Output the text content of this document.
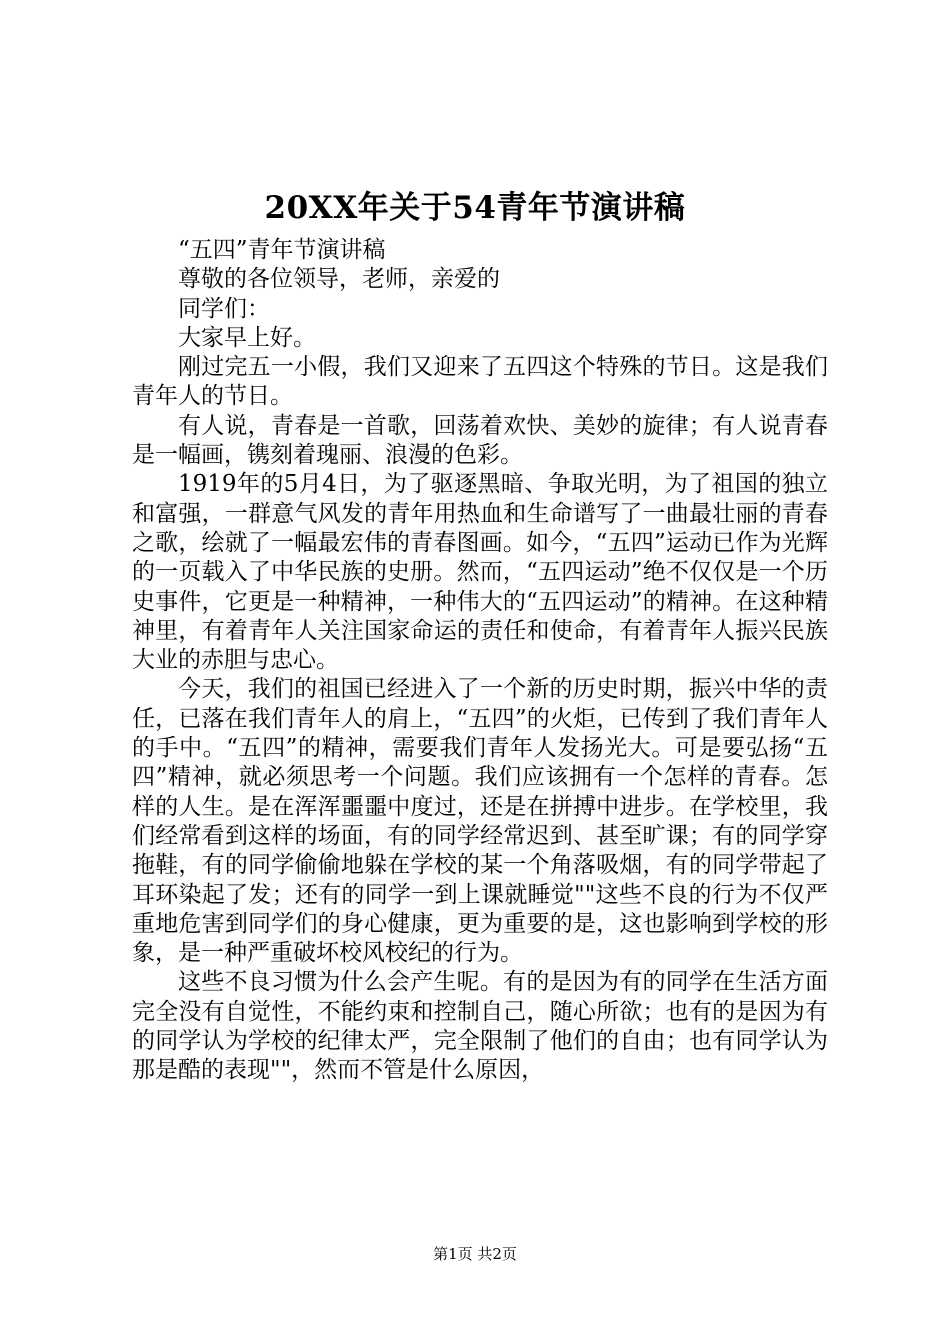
20XX年关于54青年节演讲稿

“五四”青年节演讲稿

尊敬的各位领导，老师，亲爱的

同学们：

大家早上好。

刚过完五一小假，我们又迎来了五四这个特殊的节日。这是我们青年人的节日。

有人说，青春是一首歌，回荡着欢快、美妙的旋律；有人说青春是一幅画，镌刻着瑰丽、浪漫的色彩。

1919年的5月4日，为了驱逐黑暗、争取光明，为了祖国的独立和富强，一群意气风发的青年用热血和生命谱写了一曲最壮丽的青春之歌，绘就了一幅最宏伟的青春图画。如今，“五四”运动已作为光辉的一页载入了中华民族的史册。然而，“五四运动”绝不仅仅是一个历史事件，它更是一种精神，一种伟大的“五四运动”的精神。在这种精神里，有着青年人关注国家命运的责任和使命，有着青年人振兴民族大业的赤胆与忠心。

今天，我们的祖国已经进入了一个新的历史时期，振兴中华的责任，已落在我们青年人的肩上，“五四”的火炬，已传到了我们青年人的手中。“五四”的精神，需要我们青年人发扬光大。可是要弘扬“五四”精神，就必须思考一个问题。我们应该拥有一个怎样的青春。怎样的人生。是在浑浑噩噩中度过，还是在拼搏中进步。在学校里，我们经常看到这样的场面，有的同学经常迟到、甚至旷课；有的同学穿拖鞋，有的同学偷偷地躲在学校的某一个角落吸烟，有的同学带起了耳环染起了发；还有的同学一到上课就睡觉""这些不良的行为不仅严重地危害到同学们的身心健康，更为重要的是，这也影响到学校的形象，是一种严重破坏校风校纪的行为。

这些不良习惯为什么会产生呢。有的是因为有的同学在生活方面完全没有自觉性，不能约束和控制自己，随心所欲；也有的是因为有的同学认为学校的纪律太严，完全限制了他们的自由；也有同学认为那是酷的表现""，然而不管是什么原因，

第1页 共2页
